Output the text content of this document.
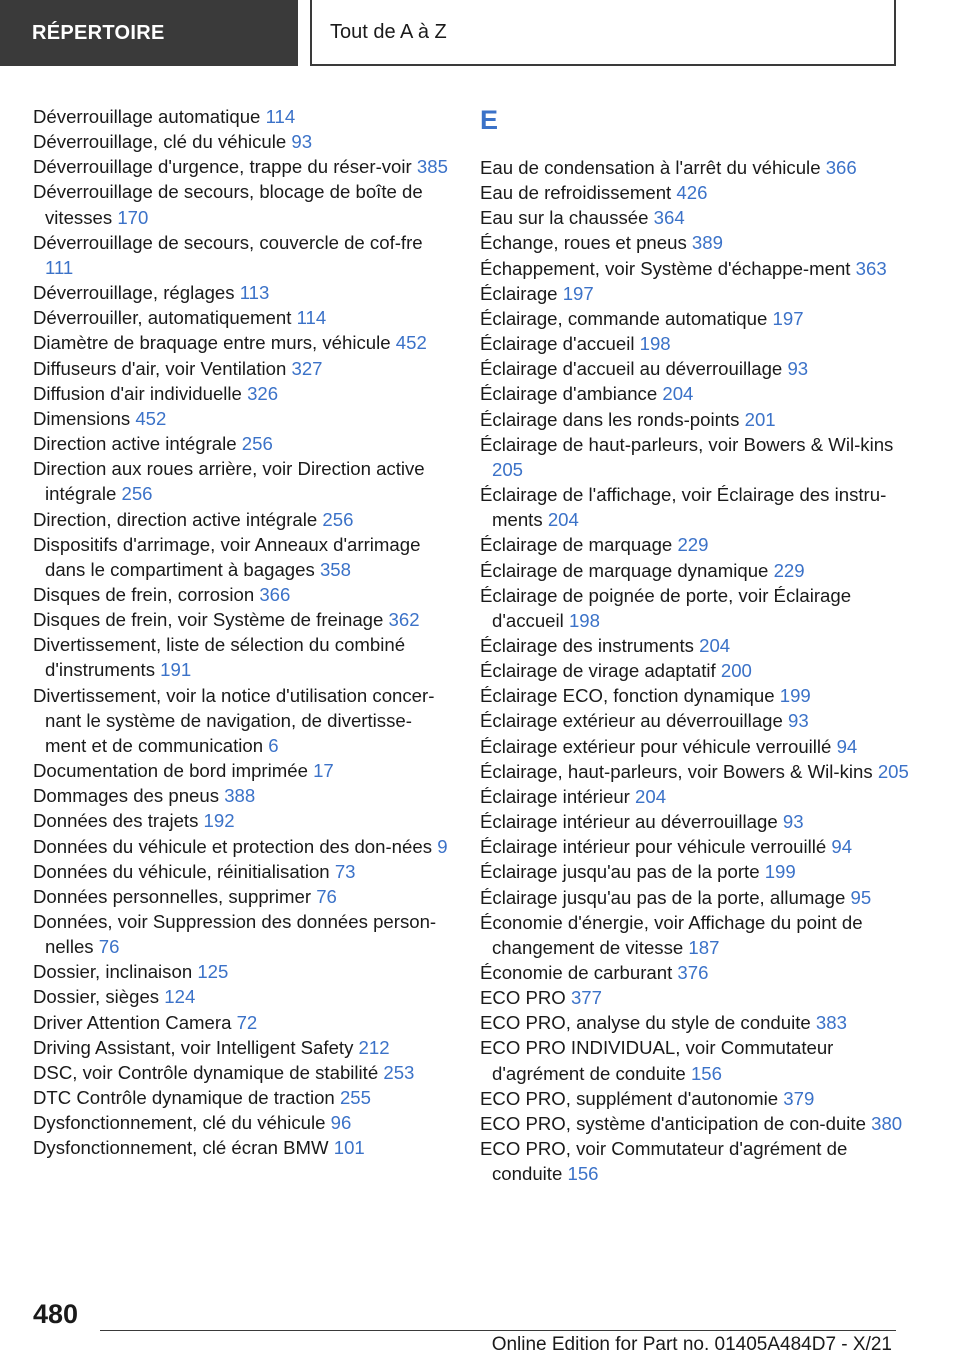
RÉPERTOIRE	Tout de A à Z
Déverrouillage automatique 114
Déverrouillage, clé du véhicule 93
Déverrouillage d'urgence, trappe du réser-voir 385
Déverrouillage de secours, blocage de boîte de vitesses 170
Déverrouillage de secours, couvercle de cof-fre 111
Déverrouillage, réglages 113
Déverrouiller, automatiquement 114
Diamètre de braquage entre murs, véhicule 452
Diffuseurs d'air, voir Ventilation 327
Diffusion d'air individuelle 326
Dimensions 452
Direction active intégrale 256
Direction aux roues arrière, voir Direction active intégrale 256
Direction, direction active intégrale 256
Dispositifs d'arrimage, voir Anneaux d'arrimage dans le compartiment à bagages 358
Disques de frein, corrosion 366
Disques de frein, voir Système de freinage 362
Divertissement, liste de sélection du combiné d'instruments 191
Divertissement, voir la notice d'utilisation concer-nant le système de navigation, de divertisse-ment et de communication 6
Documentation de bord imprimée 17
Dommages des pneus 388
Données des trajets 192
Données du véhicule et protection des don-nées 9
Données du véhicule, réinitialisation 73
Données personnelles, supprimer 76
Données, voir Suppression des données person-nelles 76
Dossier, inclinaison 125
Dossier, sièges 124
Driver Attention Camera 72
Driving Assistant, voir Intelligent Safety 212
DSC, voir Contrôle dynamique de stabilité 253
DTC Contrôle dynamique de traction 255
Dysfonctionnement, clé du véhicule 96
Dysfonctionnement, clé écran BMW 101
E
Eau de condensation à l'arrêt du véhicule 366
Eau de refroidissement 426
Eau sur la chaussée 364
Échange, roues et pneus 389
Échappement, voir Système d'échappe-ment 363
Éclairage 197
Éclairage, commande automatique 197
Éclairage d'accueil 198
Éclairage d'accueil au déverrouillage 93
Éclairage d'ambiance 204
Éclairage dans les ronds-points 201
Éclairage de haut-parleurs, voir Bowers & Wil-kins 205
Éclairage de l'affichage, voir Éclairage des instru-ments 204
Éclairage de marquage 229
Éclairage de marquage dynamique 229
Éclairage de poignée de porte, voir Éclairage d'accueil 198
Éclairage des instruments 204
Éclairage de virage adaptatif 200
Éclairage ECO, fonction dynamique 199
Éclairage extérieur au déverrouillage 93
Éclairage extérieur pour véhicule verrouillé 94
Éclairage, haut-parleurs, voir Bowers & Wil-kins 205
Éclairage intérieur 204
Éclairage intérieur au déverrouillage 93
Éclairage intérieur pour véhicule verrouillé 94
Éclairage jusqu'au pas de la porte 199
Éclairage jusqu'au pas de la porte, allumage 95
Économie d'énergie, voir Affichage du point de changement de vitesse 187
Économie de carburant 376
ECO PRO 377
ECO PRO, analyse du style de conduite 383
ECO PRO INDIVIDUAL, voir Commutateur d'agrément de conduite 156
ECO PRO, supplément d'autonomie 379
ECO PRO, système d'anticipation de con-duite 380
ECO PRO, voir Commutateur d'agrément de conduite 156
480
Online Edition for Part no. 01405A484D7 - X/21
